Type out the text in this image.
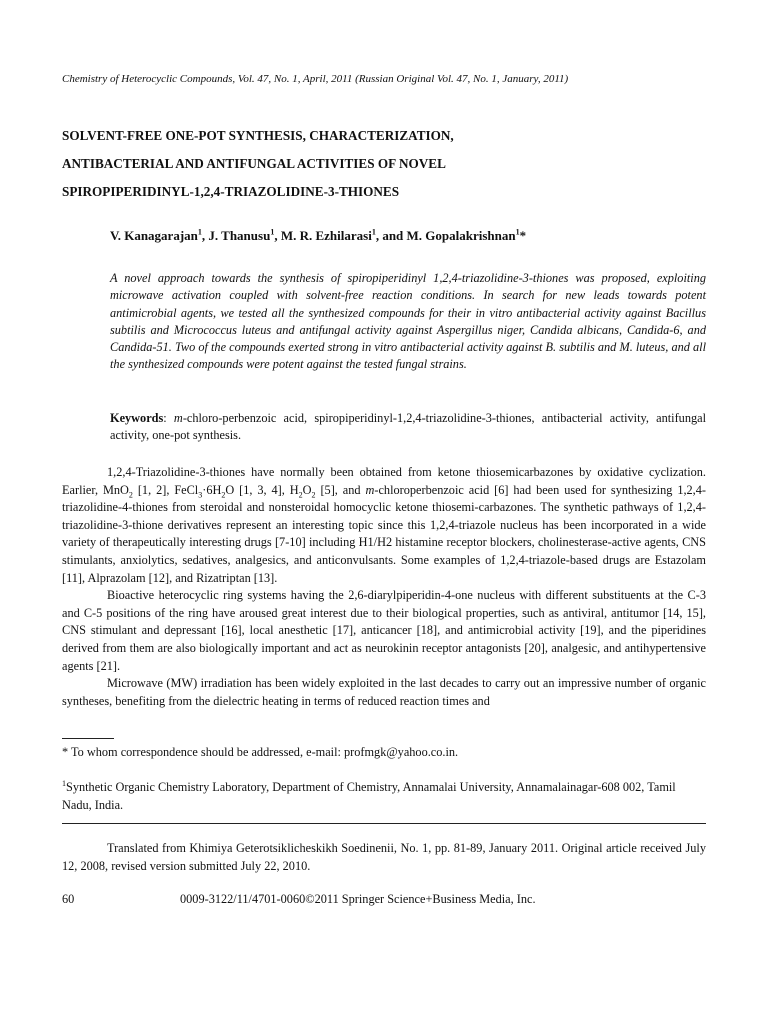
Chemistry of Heterocyclic Compounds, Vol. 47, No. 1, April, 2011 (Russian Original Vol. 47, No. 1, January, 2011)
SOLVENT-FREE ONE-POT SYNTHESIS, CHARACTERIZATION,
ANTIBACTERIAL AND ANTIFUNGAL ACTIVITIES OF NOVEL
SPIROPIPERIDINYL-1,2,4-TRIAZOLIDINE-3-THIONES
V. Kanagarajan$^1$, J. Thanusu$^1$, M. R. Ezhilarasi$^1$, and M. Gopalakrishnan$^1$*
A novel approach towards the synthesis of spiropiperidinyl 1,2,4-triazolidine-3-thiones was proposed, exploiting microwave activation coupled with solvent-free reaction conditions. In search for new leads towards potent antimicrobial agents, we tested all the synthesized compounds for their in vitro antibacterial activity against Bacillus subtilis and Micrococcus luteus and antifungal activity against Aspergillus niger, Candida albicans, Candida-6, and Candida-51. Two of the compounds exerted strong in vitro antibacterial activity against B. subtilis and M. luteus, and all the synthesized compounds were potent against the tested fungal strains.
Keywords: m-chloro-perbenzoic acid, spiropiperidinyl-1,2,4-triazolidine-3-thiones, antibacterial activity, antifungal activity, one-pot synthesis.

1,2,4-Triazolidine-3-thiones have normally been obtained from ketone thiosemicarbazones by oxidative cyclization. Earlier, MnO$_2$ [1, 2], $FeCl_3\cdot 6H_2O$ [1, 3, 4], $H_2O_2$ [5], and m-chloroperbenzoic acid [6] had been used for synthesizing 1,2,4-triazolidine-4-thiones from steroidal and nonsteroidal homocyclic ketone thiosemi-carbazones. The synthetic pathways of 1,2,4-triazolidine-3-thione derivatives represent an interesting topic since this 1,2,4-triazole nucleus has been incorporated in a wide variety of therapeutically interesting drugs [7-10] including H1/H2 histamine receptor blockers, cholinesterase-active agents, CNS stimulants, anxiolytics, sedatives, analgesics, and anticonvulsants. Some examples of 1,2,4-triazole-based drugs are Estazolam [11], Alprazolam [12], and Rizatriptan [13].

Bioactive heterocyclic ring systems having the 2,6-diarylpiperidin-4-one nucleus with different substituents at the C-3 and C-5 positions of the ring have aroused great interest due to their biological properties, such as antiviral, antitumor [14, 15], CNS stimulant and depressant [16], local anesthetic [17], anticancer [18], and antimicrobial activity [19], and the piperidines derived from them are also biologically important and act as neurokinin receptor antagonists [20], analgesic, and antihypertensive agents [21].

Microwave (MW) irradiation has been widely exploited in the last decades to carry out an impressive number of organic syntheses, benefiting from the dielectric heating in terms of reduced reaction times and

* To whom correspondence should be addressed, e-mail: profmgk@yahoo.co.in.
$^1$Synthetic Organic Chemistry Laboratory, Department of Chemistry, Annamalai University, Annamalainagar-608 002, Tamil Nadu, India.
Translated from Khimiya Geterotsiklicheskikh Soedinenii, No. 1, pp. 81-89, January 2011. Original article received July 12, 2008, revised version submitted July 22, 2010.
60	0009-3122/11/4701-0060©2011 Springer Science+Business Media, Inc.
